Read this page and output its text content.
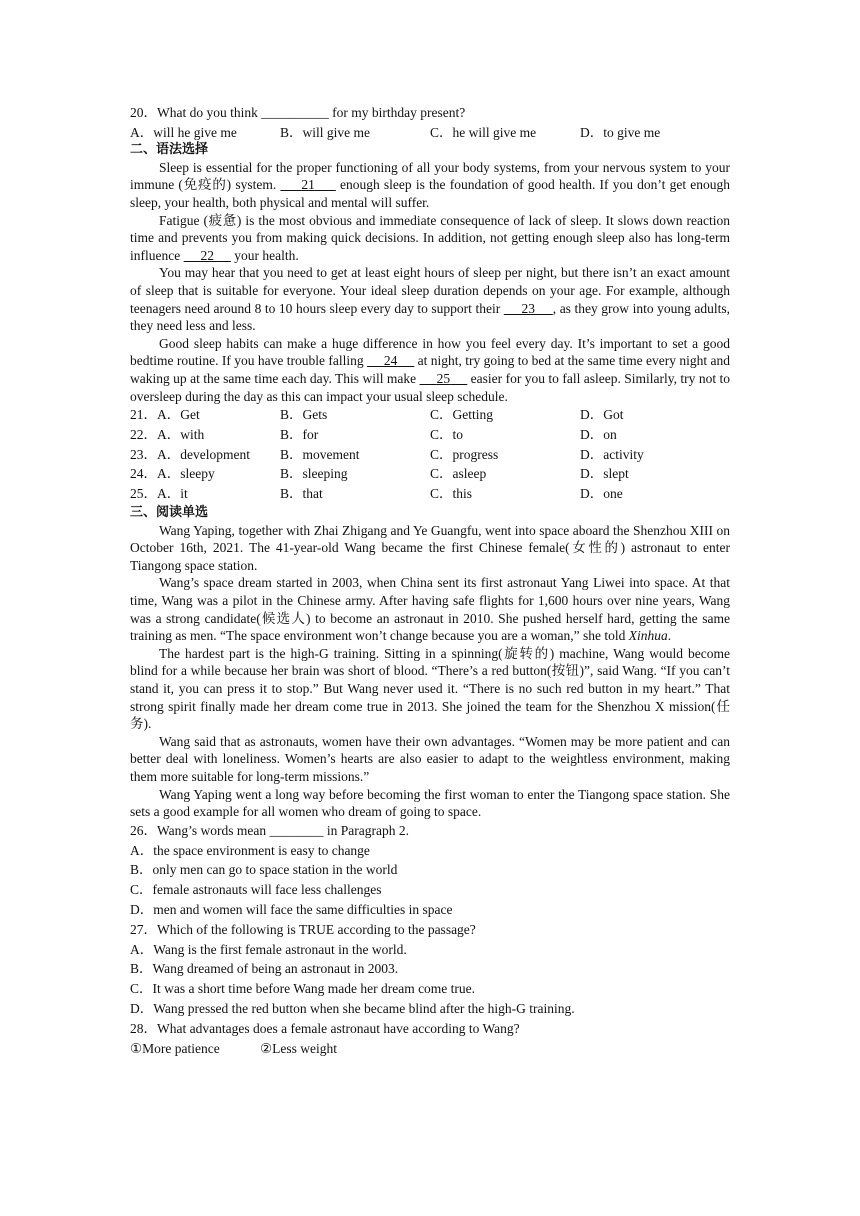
20．What do you think __________ for my birthday present?
A．will he give me	B．will give me	C．he will give me	D．to give me
二、语法选择
Sleep is essential for the proper functioning of all your body systems, from your nervous system to your immune (免疫的) system.      21      enough sleep is the foundation of good health. If you don’t get enough sleep, your health, both physical and mental will suffer.
Fatigue (疲惫) is the most obvious and immediate consequence of lack of sleep. It slows down reaction time and prevents you from making quick decisions. In addition, not getting enough sleep also has long-term influence      22      your health.
You may hear that you need to get at least eight hours of sleep per night, but there isn’t an exact amount of sleep that is suitable for everyone. Your ideal sleep duration depends on your age. For example, although teenagers need around 8 to 10 hours sleep every day to support their      23 , as they grow into young adults, they need less and less.
Good sleep habits can make a huge difference in how you feel every day. It’s important to set a good bedtime routine. If you have trouble falling      24      at night, try going to bed at the same time every night and waking up at the same time each day. This will make      25      easier for you to fall asleep. Similarly, try not to oversleep during the day as this can impact your usual sleep schedule.
21．A．Get	B．Gets	C．Getting	D．Got
22．A．with	B．for	C．to	D．on
23．A．development	B．movement	C．progress	D．activity
24．A．sleepy	B．sleeping	C．asleep	D．slept
25．A．it	B．that	C．this	D．one
三、阅读单选
Wang Yaping, together with Zhai Zhigang and Ye Guangfu, went into space aboard the Shenzhou XIII on October 16th, 2021. The 41-year-old Wang became the first Chinese female(女性的) astronaut to enter Tiangong space station.
Wang’s space dream started in 2003, when China sent its first astronaut Yang Liwei into space. At that time, Wang was a pilot in the Chinese army. After having safe flights for 1,600 hours over nine years, Wang was a strong candidate(候选人) to become an astronaut in 2010. She pushed herself hard, getting the same training as men. “The space environment won’t change because you are a woman,” she told Xinhua.
The hardest part is the high-G training. Sitting in a spinning(旋转的) machine, Wang would become blind for a while because her brain was short of blood. “There’s a red button(按钮)”, said Wang. “If you can’t stand it, you can press it to stop.” But Wang never used it. “There is no such red button in my heart.” That strong spirit finally made her dream come true in 2013. She joined the team for the Shenzhou X mission(任务).
Wang said that as astronauts, women have their own advantages. “Women may be more patient and can better deal with loneliness. Women’s hearts are also easier to adapt to the weightless environment, making them more suitable for long-term missions.”
Wang Yaping went a long way before becoming the first woman to enter the Tiangong space station. She sets a good example for all women who dream of going to space.
26．Wang’s words mean ________ in Paragraph 2.
A．the space environment is easy to change
B．only men can go to space station in the world
C．female astronauts will face less challenges
D．men and women will face the same difficulties in space
27．Which of the following is TRUE according to the passage?
A．Wang is the first female astronaut in the world.
B．Wang dreamed of being an astronaut in 2003.
C．It was a short time before Wang made her dream come true.
D．Wang pressed the red button when she became blind after the high-G training.
28．What advantages does a female astronaut have according to Wang?
①More patience	②Less weight
